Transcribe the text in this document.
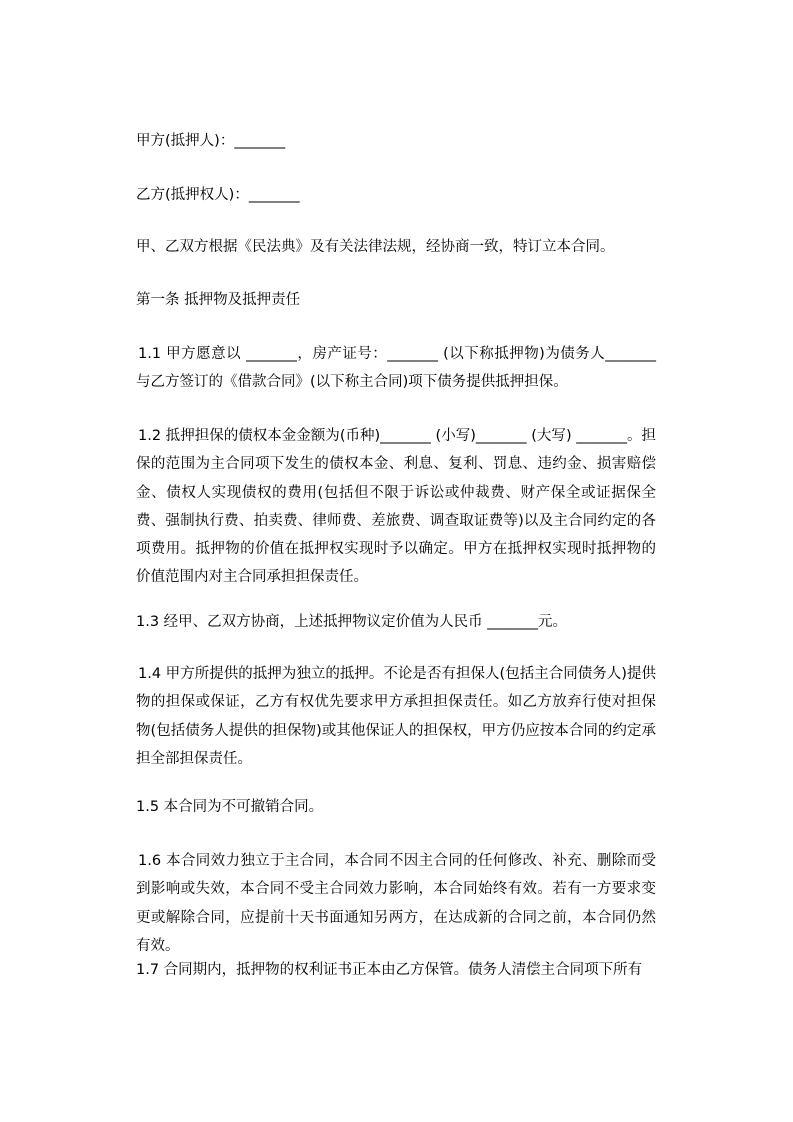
甲方(抵押人)：_______

乙方(抵押权人)：_______

甲、乙双方根据《民法典》及有关法律法规，经协商一致，特订立本合同。

第一条 抵押物及抵押责任

1.1 甲方愿意以 _______，房产证号：_______ (以下称抵押物)为债务人_______与乙方签订的《借款合同》(以下称主合同)项下债务提供抵押担保。

1.2 抵押担保的债权本金金额为(币种)_______ (小写)_______ (大写) _______。担保的范围为主合同项下发生的债权本金、利息、复利、罚息、违约金、损害赔偿金、债权人实现债权的费用(包括但不限于诉讼或仲裁费、财产保全或证据保全费、强制执行费、拍卖费、律师费、差旅费、调查取证费等)以及主合同约定的各项费用。抵押物的价值在抵押权实现时予以确定。甲方在抵押权实现时抵押物的价值范围内对主合同承担担保责任。

1.3 经甲、乙双方协商，上述抵押物议定价值为人民币 _______元。

1.4 甲方所提供的抵押为独立的抵押。不论是否有担保人(包括主合同债务人)提供物的担保或保证，乙方有权优先要求甲方承担担保责任。如乙方放弃行使对担保物(包括债务人提供的担保物)或其他保证人的担保权，甲方仍应按本合同的约定承担全部担保责任。

1.5 本合同为不可撤销合同。

1.6 本合同效力独立于主合同，本合同不因主合同的任何修改、补充、删除而受到影响或失效，本合同不受主合同效力影响，本合同始终有效。若有一方要求变更或解除合同，应提前十天书面通知另两方，在达成新的合同之前，本合同仍然有效。

1.7 合同期内，抵押物的权利证书正本由乙方保管。债务人清偿主合同项下所有
